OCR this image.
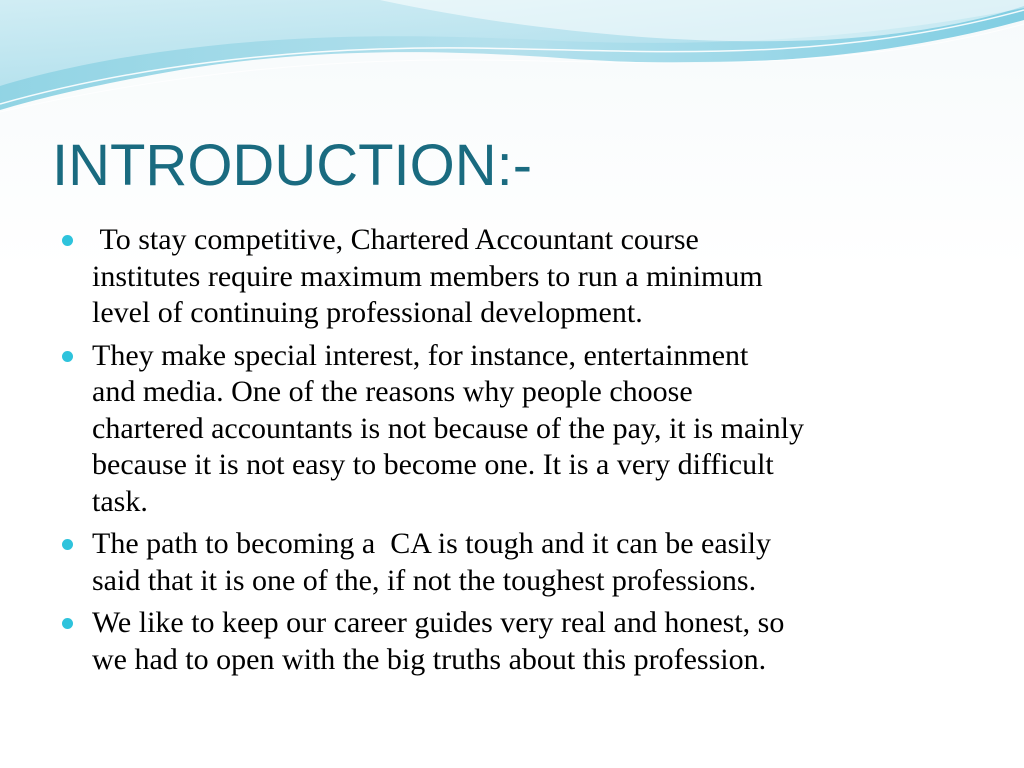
INTRODUCTION:-
To stay competitive, Chartered Accountant course
institutes require maximum members to run a minimum
level of continuing professional development.
They make special interest, for instance, entertainment
and media. One of the reasons why people choose
chartered accountants is not because of the pay, it is mainly
because it is not easy to become one. It is a very difficult
task.
The path to becoming a  CA is tough and it can be easily
said that it is one of the, if not the toughest professions.
We like to keep our career guides very real and honest, so
we had to open with the big truths about this profession.
